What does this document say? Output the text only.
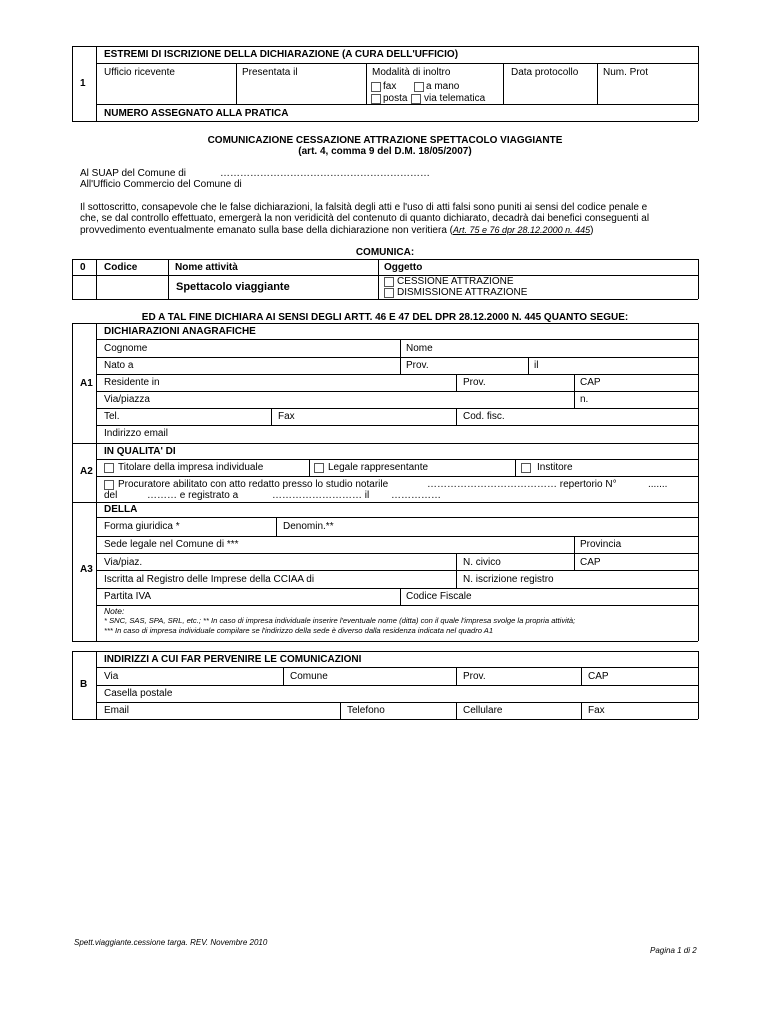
1
ESTREMI DI ISCRIZIONE DELLA DICHIARAZIONE (A CURA DELL'UFFICIO)
Ufficio ricevente	Presentata il	Modalità di inoltro	Data protocollo Num. Prot
fax	a mano
posta via telematica
NUMERO ASSEGNATO ALLA PRATICA
COMUNICAZIONE CESSAZIONE ATTRAZIONE SPETTACOLO VIAGGIANTE
(art. 4, comma 9 del D.M. 18/05/2007)
Al SUAP del Comune di	………………………………………………………
All'Ufficio Commercio del Comune di
Il sottoscritto, consapevole che le false dichiarazioni, la falsità degli atti e l'uso di atti falsi sono puniti ai sensi del codice penale e
che, se dal controllo effettuato, emergerà la non veridicità del contenuto di quanto dichiarato, decadrà dai benefici conseguenti al
provvedimento eventualmente emanato sulla base della dichiarazione non veritiera (Art. 75 e 76 dpr 28.12.2000 n. 445)
COMUNICA:
0 Codice	Nome attività	Oggetto
Spettacolo viaggiante	CESSIONE ATTRAZIONE
DISMISSIONE ATTRAZIONE
ED A TAL FINE DICHIARA AI SENSI DEGLI ARTT. 46 E 47 DEL DPR 28.12.2000 N. 445 QUANTO SEGUE:
A1
DICHIARAZIONI ANAGRAFICHE
Cognome	Nome
Nato a	Prov.	il
Residente in	Prov.	CAP
Via/piazza	n.
Tel.	Fax	Cod. fisc.
Indirizzo email
A2
IN QUALITA' DI
Titolare della impresa individuale	Legale rappresentante	Institore
Procuratore abilitato con atto redatto presso lo studio notarile	………………………………… repertorio N°	.......
del	……… e registrato a	……………………… il ……………
A3
DELLA
Forma giuridica *	Denomin.**
Sede legale nel Comune di ***	Provincia
Via/piaz.	N. civico	CAP
Iscritta al Registro delle Imprese della CCIAA di	N. iscrizione registro
Partita IVA	Codice Fiscale
Note:
* SNC, SAS, SPA, SRL, etc.; ** In caso di impresa individuale inserire l'eventuale nome (ditta) con il quale l'impresa svolge la propria attività;
*** In caso di impresa individuale compilare se l'indirizzo della sede è diverso dalla residenza indicata nel quadro A1
B
INDIRIZZI A CUI FAR PERVENIRE LE COMUNICAZIONI
Via	Comune	Prov.	CAP
Casella postale
Email	Telefono	Cellulare	Fax
Spett.viaggiante.cessione targa. REV. Novembre 2010
Pagina 1 di 2
